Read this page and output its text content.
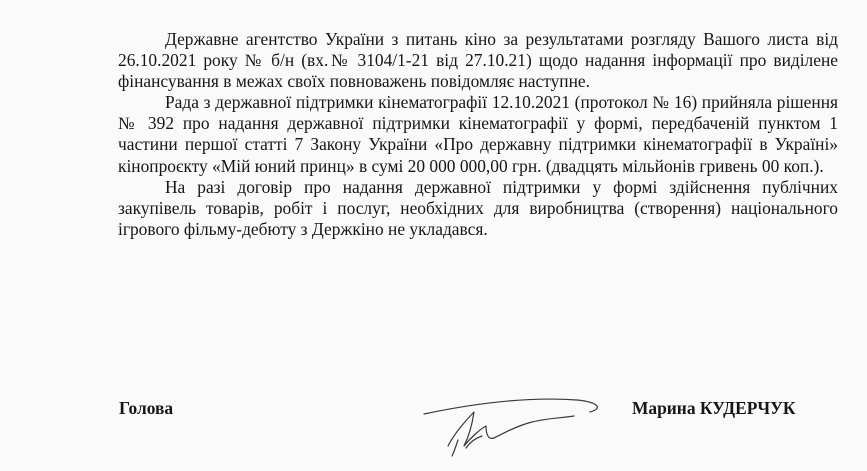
Державне агентство України з питань кіно за результатами розгляду Вашого листа від 26.10.2021 року № б/н (вх.№ 3104/1-21 від 27.10.21) щодо надання інформації про виділене фінансування в межах своїх повноважень повідомляє наступне.

Рада з державної підтримки кінематографії 12.10.2021 (протокол № 16) прийняла рішення № 392 про надання державної підтримки кінематографії у формі, передбаченій пунктом 1 частини першої статті 7 Закону України «Про державну підтримки кінематографії в Україні» кінопроєкту «Мій юний принц» в сумі 20 000 000,00 грн. (двадцять мільйонів гривень 00 коп.).

На разі договір про надання державної підтримки у формі здійснення публічних закупівель товарів, робіт і послуг, необхідних для виробництва (створення) національного ігрового фільму-дебюту з Держкіно не укладався.

Голова	Марина КУДЕРЧУК
